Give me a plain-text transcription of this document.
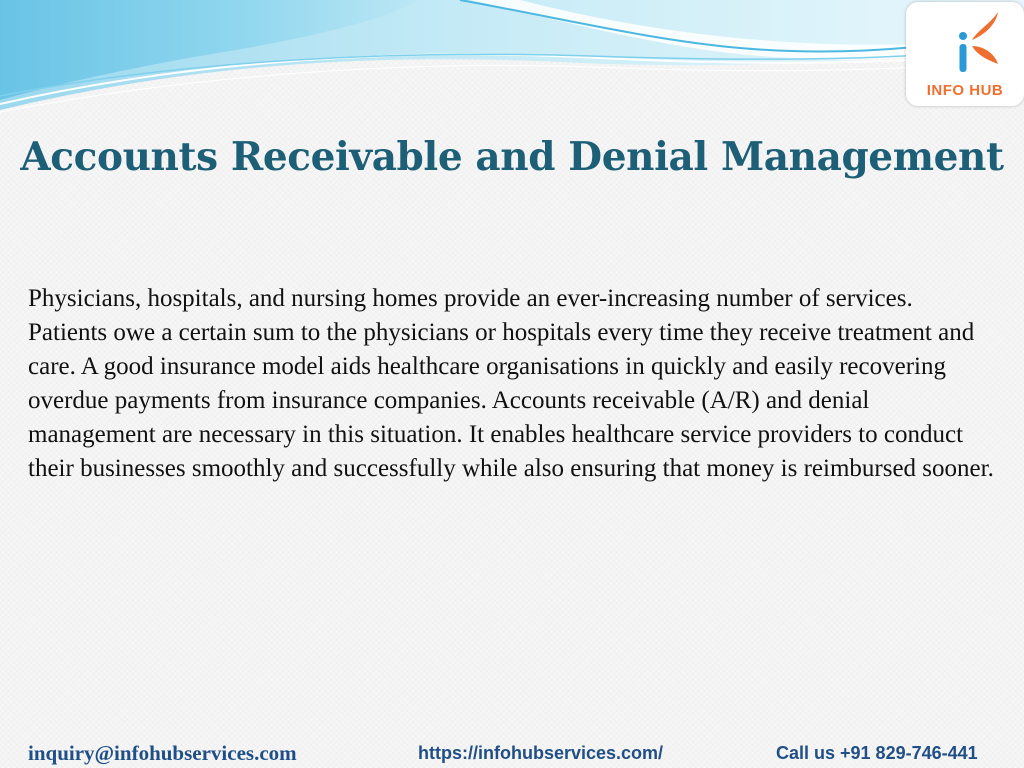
INFO HUB
Accounts Receivable and Denial Management

Physicians, hospitals, and nursing homes provide an ever-increasing number of services. Patients owe a certain sum to the physicians or hospitals every time they receive treatment and care. A good insurance model aids healthcare organisations in quickly and easily recovering overdue payments from insurance companies. Accounts receivable (A/R) and denial management are necessary in this situation. It enables healthcare service providers to conduct their businesses smoothly and successfully while also ensuring that money is reimbursed sooner.

inquiry@infohubservices.com	https://infohubservices.com/	Call us +91 829-746-441
